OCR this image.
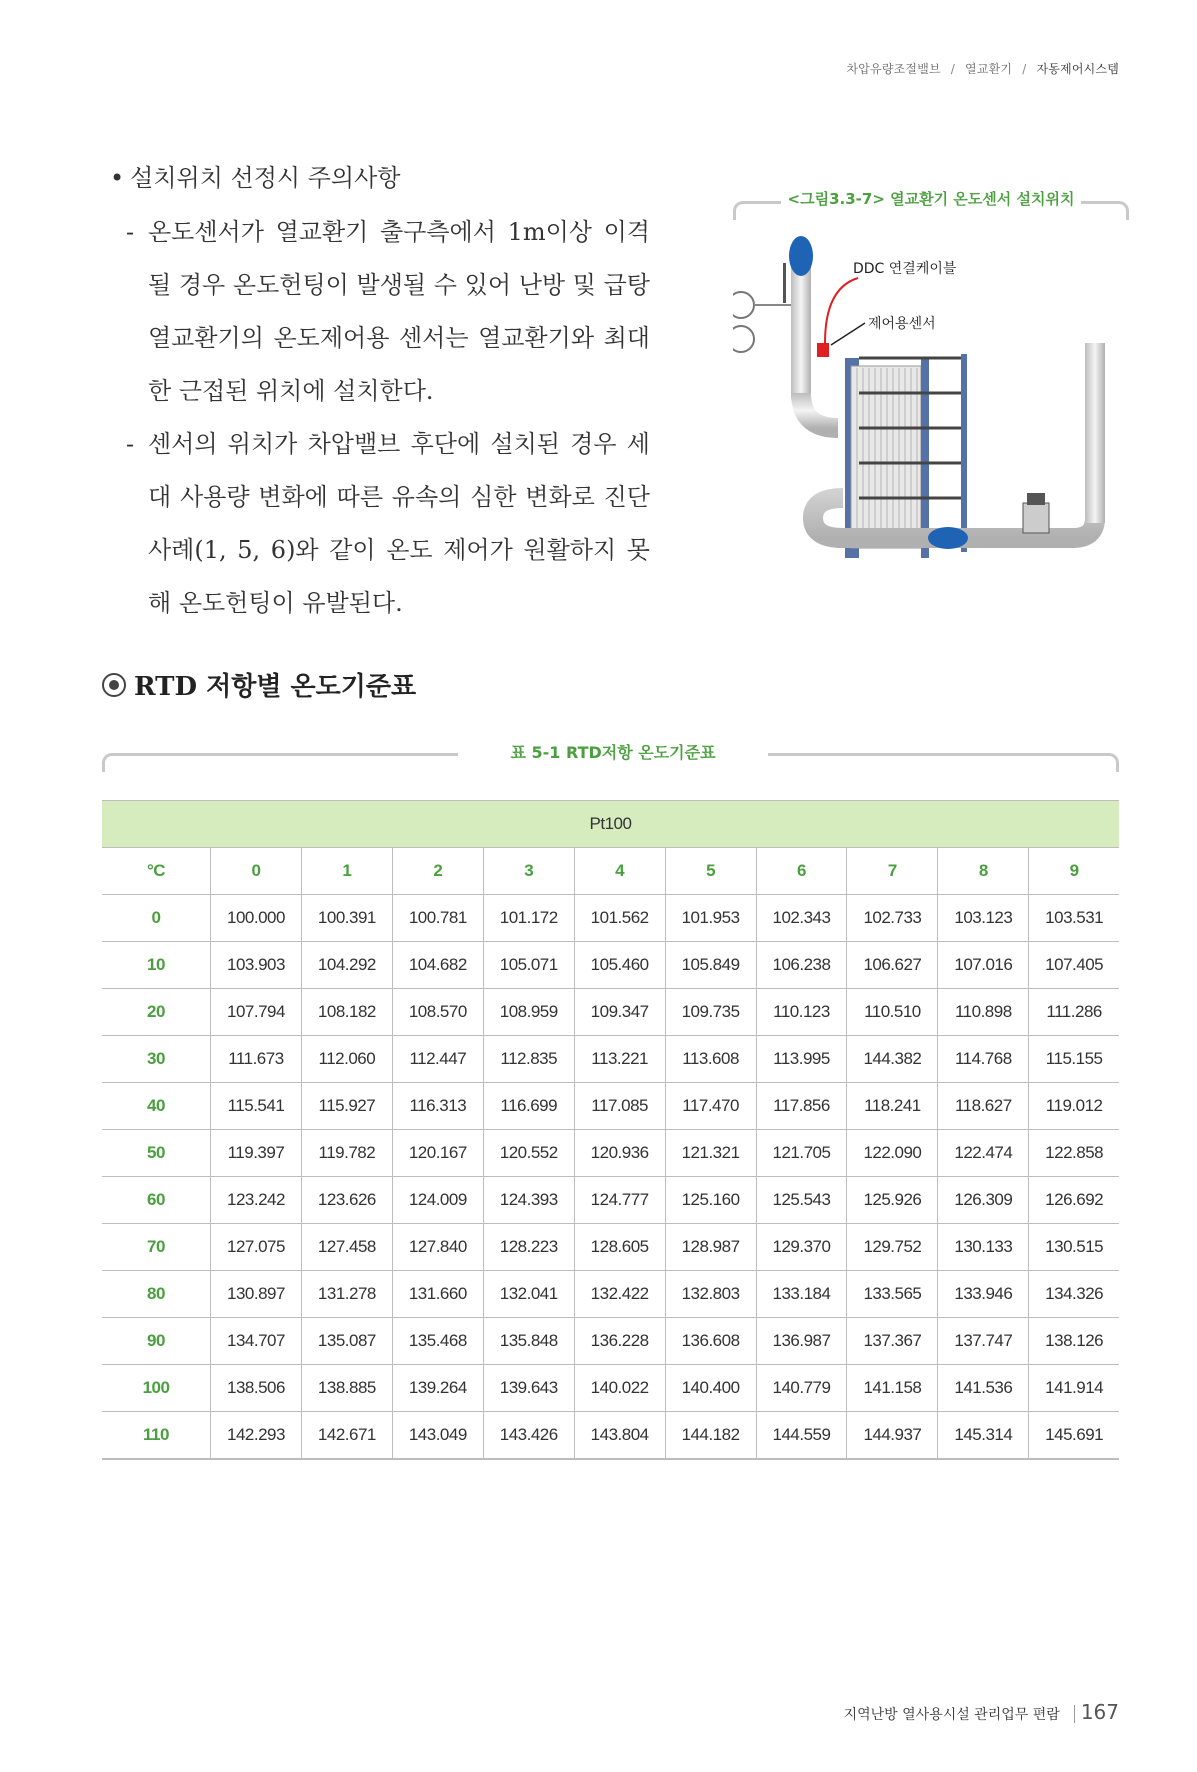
차압유량조절밸브 / 열교환기 / 자동제어시스템
• 설치위치 선정시 주의사항
- 온도센서가 열교환기 출구측에서 1m이상 이격될 경우 온도헌팅이 발생될 수 있어 난방 및 급탕 열교환기의 온도제어용 센서는 열교환기와 최대한 근접된 위치에 설치한다.
- 센서의 위치가 차압밸브 후단에 설치된 경우 세대 사용량 변화에 따른 유속의 심한 변화로 진단사례(1, 5, 6)와 같이 온도 제어가 원활하지 못해 온도헌팅이 유발된다.
<그림3.3-7> 열교환기 온도센서 설치위치
DDC 연결케이블
제어용센서
RTD 저항별 온도기준표
표 5-1 RTD저항 온도기준표
Pt100										
°C	0	1	2	3	4	5	6	7	8	9
0	100.000	100.391	100.781	101.172	101.562	101.953	102.343	102.733	103.123	103.531
10	103.903	104.292	104.682	105.071	105.460	105.849	106.238	106.627	107.016	107.405
20	107.794	108.182	108.570	108.959	109.347	109.735	110.123	110.510	110.898	111.286
30	111.673	112.060	112.447	112.835	113.221	113.608	113.995	144.382	114.768	115.155
40	115.541	115.927	116.313	116.699	117.085	117.470	117.856	118.241	118.627	119.012
50	119.397	119.782	120.167	120.552	120.936	121.321	121.705	122.090	122.474	122.858
60	123.242	123.626	124.009	124.393	124.777	125.160	125.543	125.926	126.309	126.692
70	127.075	127.458	127.840	128.223	128.605	128.987	129.370	129.752	130.133	130.515
80	130.897	131.278	131.660	132.041	132.422	132.803	133.184	133.565	133.946	134.326
90	134.707	135.087	135.468	135.848	136.228	136.608	136.987	137.367	137.747	138.126
100	138.506	138.885	139.264	139.643	140.022	140.400	140.779	141.158	141.536	141.914
110	142.293	142.671	143.049	143.426	143.804	144.182	144.559	144.937	145.314	145.691
지역난방 열사용시설 관리업무 편람 167
